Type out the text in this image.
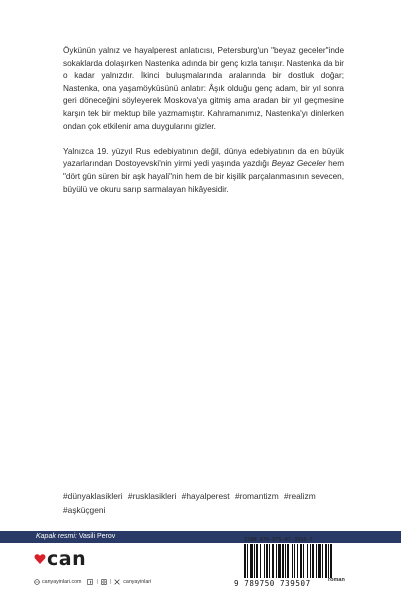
Öykünün yalnız ve hayalperest anlatıcısı, Petersburg'un "beyaz geceler"inde sokaklarda dolaşırken Nastenka adında bir genç kızla tanışır. Nastenka da bir o kadar yalnızdır. İkinci buluşmalarında aralarında bir dostluk doğar; Nastenka, ona yaşamöyküsünü anlatır: Âşık olduğu genç adam, bir yıl sonra geri döneceğini söyleyerek Moskova'ya gitmiş ama aradan bir yıl geçmesine karşın tek bir mektup bile yazmamıştır. Kahramanımız, Nastenka'yı dinlerken ondan çok etkilenir ama duygularını gizler.

Yalnızca 19. yüzyıl Rus edebiyatının değil, dünya edebiyatının da en büyük yazarlarından Dostoyevski'nin yirmi yedi yaşında yazdığı Beyaz Geceler hem "dört gün süren bir aşk hayali"nin hem de bir kişilik parçalanmasının sevecen, büyülü ve okuru sarıp sarmalayan hikâyesidir.

#dünyaklasikleri #rusklasikleri #hayalperest #romantizm #realizm
#aşküçgeni
Kapak resmi: Vasili Perov	ISBN 978-975-07-3950-7
9 789750 739507
can
canyayinlari.com	| | canyayinlari	roman
